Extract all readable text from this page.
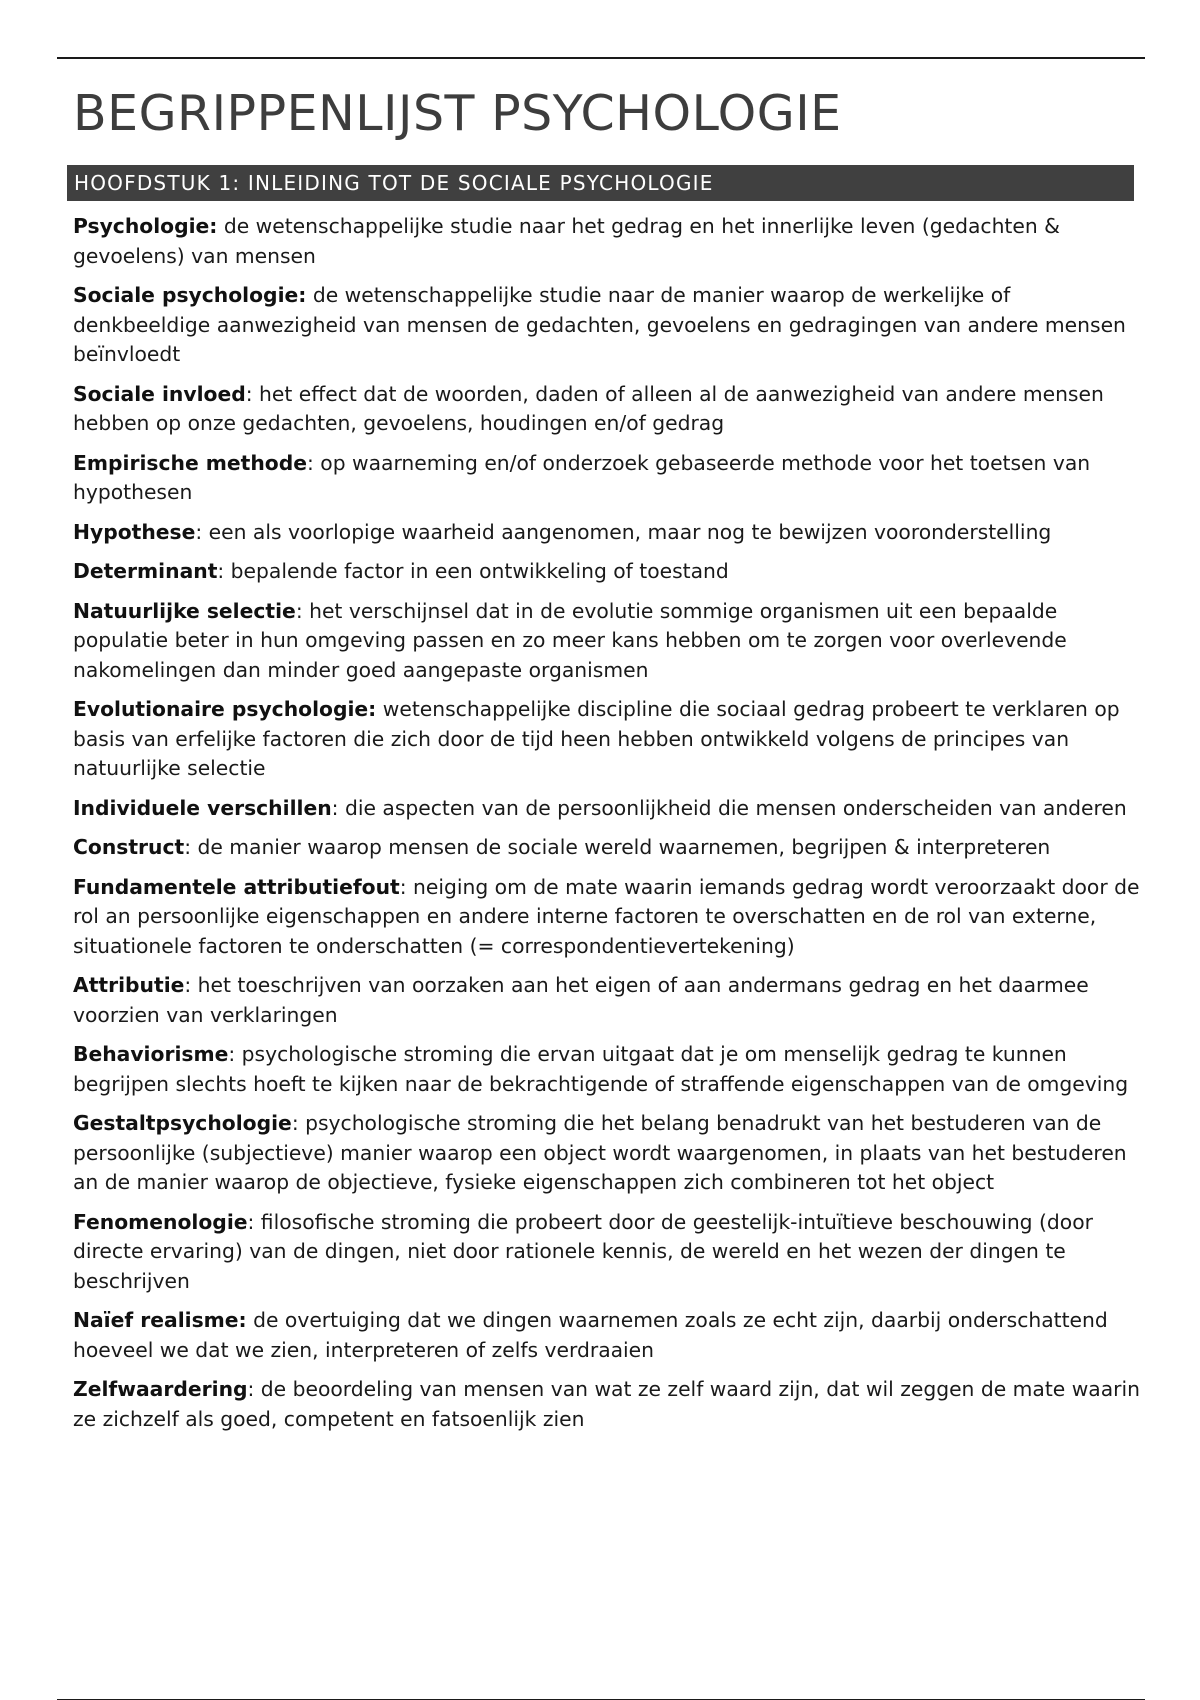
BEGRIPPENLIJST PSYCHOLOGIE
HOOFDSTUK 1: INLEIDING TOT DE SOCIALE PSYCHOLOGIE
Psychologie: de wetenschappelijke studie naar het gedrag en het innerlijke leven (gedachten & gevoelens) van mensen
Sociale psychologie: de wetenschappelijke studie naar de manier waarop de werkelijke of denkbeeldige aanwezigheid van mensen de gedachten, gevoelens en gedragingen van andere mensen beïnvloedt
Sociale invloed: het effect dat de woorden, daden of alleen al de aanwezigheid van andere mensen hebben op onze gedachten, gevoelens, houdingen en/of gedrag
Empirische methode: op waarneming en/of onderzoek gebaseerde methode voor het toetsen van hypothesen
Hypothese: een als voorlopige waarheid aangenomen, maar nog te bewijzen vooronderstelling
Determinant: bepalende factor in een ontwikkeling of toestand
Natuurlijke selectie: het verschijnsel dat in de evolutie sommige organismen uit een bepaalde populatie beter in hun omgeving passen en zo meer kans hebben om te zorgen voor overlevende nakomelingen dan minder goed aangepaste organismen
Evolutionaire psychologie: wetenschappelijke discipline die sociaal gedrag probeert te verklaren op basis van erfelijke factoren die zich door de tijd heen hebben ontwikkeld volgens de principes van natuurlijke selectie
Individuele verschillen: die aspecten van de persoonlijkheid die mensen onderscheiden van anderen
Construct: de manier waarop mensen de sociale wereld waarnemen, begrijpen & interpreteren
Fundamentele attributiefout: neiging om de mate waarin iemands gedrag wordt veroorzaakt door de rol an persoonlijke eigenschappen en andere interne factoren te overschatten en de rol van externe, situationele factoren te onderschatten (= correspondentievertekening)
Attributie: het toeschrijven van oorzaken aan het eigen of aan andermans gedrag en het daarmee voorzien van verklaringen
Behaviorisme: psychologische stroming die ervan uitgaat dat je om menselijk gedrag te kunnen begrijpen slechts hoeft te kijken naar de bekrachtigende of straffende eigenschappen van de omgeving
Gestaltpsychologie: psychologische stroming die het belang benadrukt van het bestuderen van de persoonlijke (subjectieve) manier waarop een object wordt waargenomen, in plaats van het bestuderen an de manier waarop de objectieve, fysieke eigenschappen zich combineren tot het object
Fenomenologie: filosofische stroming die probeert door de geestelijk-intuïtieve beschouwing (door directe ervaring) van de dingen, niet door rationele kennis, de wereld en het wezen der dingen te beschrijven
Naïef realisme: de overtuiging dat we dingen waarnemen zoals ze echt zijn, daarbij onderschattend hoeveel we dat we zien, interpreteren of zelfs verdraaien
Zelfwaardering: de beoordeling van mensen van wat ze zelf waard zijn, dat wil zeggen de mate waarin ze zichzelf als goed, competent en fatsoenlijk zien
